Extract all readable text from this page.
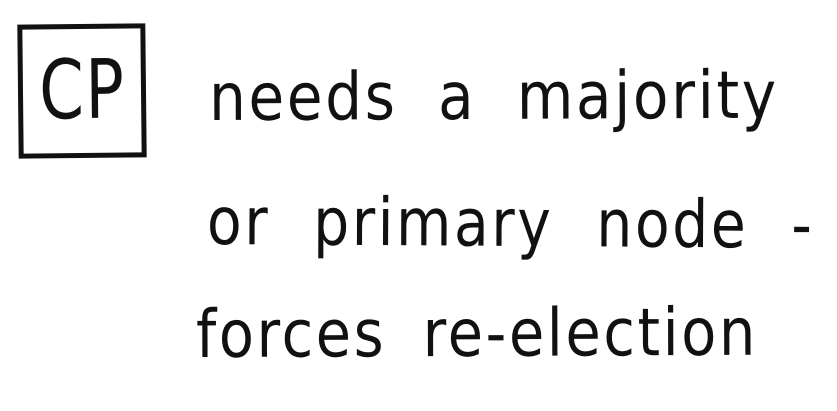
CP needs a majority
or primary node -
forces re-election
